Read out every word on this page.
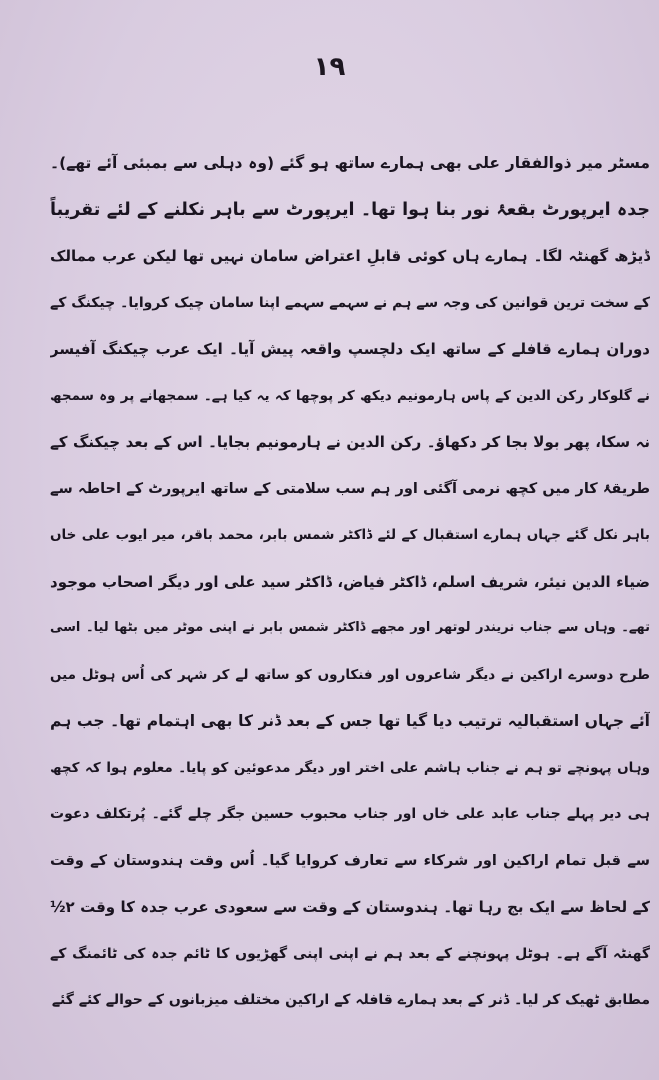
١٩
مسٹر میر ذوالفقار علی بھی ہمارے ساتھ ہو گئے (وہ دہلی سے بمبئی آئے تھے)۔
جدہ ایرپورٹ بقعۂ نور بنا ہوا تھا۔ ایرپورٹ سے باہر نکلنے کے لئے تقریباً
ڈیڑھ گھنٹہ لگا۔ ہمارے ہاں کوئی قابلِ اعتراض سامان نہیں تھا لیکن عرب ممالک
کے سخت ترین قوانین کی وجہ سے ہم نے سہمے سہمے اپنا سامان چیک کروایا۔ چیکنگ کے
دوران ہمارے قافلے کے ساتھ ایک دلچسپ واقعہ پیش آیا۔ ایک عرب چیکنگ آفیسر
نے گلوکار رکن الدین کے پاس ہارمونیم دیکھ کر پوچھا کہ یہ کیا ہے۔ سمجھانے پر وہ سمجھ
نہ سکا، پھر بولا بجا کر دکھاؤ۔ رکن الدین نے ہارمونیم بجایا۔ اس کے بعد چیکنگ کے
طریقۂ کار میں کچھ نرمی آگئی اور ہم سب سلامتی کے ساتھ ایرپورٹ کے احاطہ سے
باہر نکل گئے جہاں ہمارے استقبال کے لئے ڈاکٹر شمس بابر، محمد باقر، میر ایوب علی خاں
ضیاء الدین نیئر، شریف اسلم، ڈاکٹر فیاض، ڈاکٹر سید علی اور دیگر اصحاب موجود
تھے۔ وہاں سے جناب نریندر لوتھر اور مجھے ڈاکٹر شمس بابر نے اپنی موٹر میں بٹھا لیا۔ اسی
طرح دوسرے اراکین نے دیگر شاعروں اور فنکاروں کو ساتھ لے کر شہر کی اُس ہوٹل میں
آئے جہاں استقبالیہ ترتیب دیا گیا تھا جس کے بعد ڈنر کا بھی اہتمام تھا۔ جب ہم
وہاں پہونچے تو ہم نے جناب ہاشم علی اختر اور دیگر مدعوئین کو پایا۔ معلوم ہوا کہ کچھ
ہی دیر پہلے جناب عابد علی خاں اور جناب محبوب حسین جگر چلے گئے۔ پُرتکلف دعوت
سے قبل تمام اراکین اور شرکاء سے تعارف کروایا گیا۔ اُس وقت ہندوستان کے وقت
کے لحاظ سے ایک بج رہا تھا۔ ہندوستان کے وقت سے سعودی عرب جدہ کا وقت ٢½
گھنٹہ آگے ہے۔ ہوٹل پہونچنے کے بعد ہم نے اپنی اپنی گھڑیوں کا ٹائم جدہ کی ٹائمنگ کے
مطابق ٹھیک کر لیا۔ ڈنر کے بعد ہمارے قافلہ کے اراکین مختلف میزبانوں کے حوالے کئے گئے
